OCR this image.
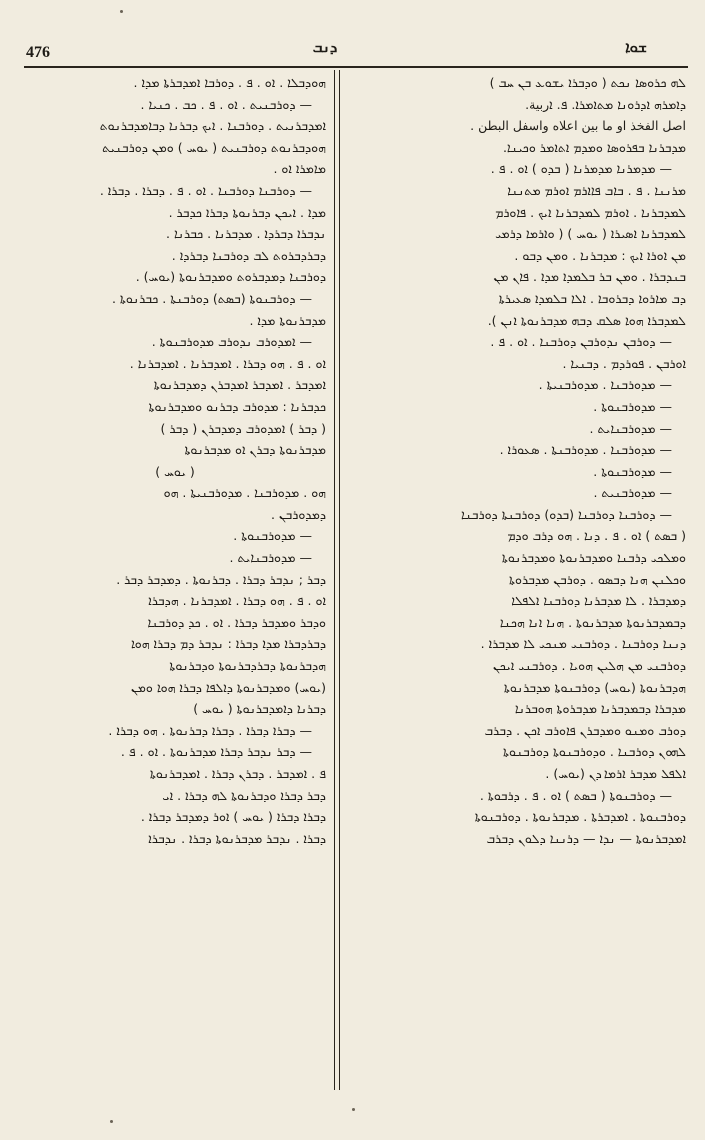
476	ܕܢܒ	ܫܘܐ
ܠܗ ܟܪܘܣܐ ܢܟܬ ( ܘܕܒܪܐ ܝܫܘܥ ܒܢ ܚܒ )
ܕܐܡܪܗ ܐܕܪܘܢܐ ܡܬܐܡܪܐ. ܦ. ܐربية.
اصل الفخذ او ما بين اعلاه واسفل البطن .
ܡܕܒܪܢܐ ܒܦܪܘܣܐ ܘܡܕܡ ܐܬܐܡܪ ܘܟܝܢܐ.
— ܡܕܡܪܢܐ ܡܕܡܪܢܐ ( ܒܕܘ ) ܐܘ . ܦ .
ܡܪܢܢܐ . ܦ . ܒܐܒ ܦܐܐܪܡ ܐܘܪܡ ܡܬܢܢܐ
ܠܡܕܒܪܢܐ . ܐܘܪܡ ܠܡܕܒܪܢܐ ܐܝܟ . ܦܐܘܪܡ
ܠܡܕܒܪܢܐ ܐܣܝܪܐ ( ܝܘܚ ) ( ܘܐܪܡܐ ܕܪܡܝ
ܡܢ ܐܘܪܐ ܐܝܟ : ܡܕܒܪܢܐ . ܘܡܢ ܕܒܘ .
ܒܢܕܒܪܐ . ܘܡܢ ܒܪ ܒܠܡܕܐ ܡܕܐ . ܦܐܢ ܡܢ
ܕܒ ܡܐܪܘܐ ܕܒܪܘܒܐ . ܐܠܐ ܒܠܡܕܐ ܣܥܝܪܬܐ
ܠܡܕܒܪܐ ܗܘܐ ܣܠܩ ܕܒܗ ܡܕܒܪܢܘܬܐ ܐܢܢ ).
— ܕܘܪܒܢ ܢܕܘܪܒܢ ܕܘܪܒܢܐ . ܐܘ . ܦ .
ܐܘܪܒܢ . ܦܘܪܕܡ . ܕܒܢܝܐ .
— ܡܕܘܪܒܢܐ . ܡܕܘܪܒܢܝܬܐ .
— ܡܕܘܪܒܢܘܬܐ .
— ܡܕܘܪܒܢܐܝܬ .
— ܡܕܘܪܒܢܐ . ܡܕܘܪܒܢܬܐ . ܣܥܘܪܐ .
— ܡܕܘܪܒܢܘܬܐ .
— ܡܕܘܪܒܢܝܬ .
— ܕܘܪܒܢܐ ܕܘܪܒܢܐ (ܒܕܘ) ܕܘܪܒܢܬܐ ܕܘܪܒܢܐ
( ܒܣܬ ) ܐܘ . ܦ . ܕܢܐ . ܗܘ ܕܪܒ ܘܕܡ
ܘܡܠܟܝ ܕܪܒܢܐ ܘܡܕܒܪܢܘܬܐ ܘܡܕܒܪܢܘܬܐ
ܘܟܠܢܢ ܗܢܐ ܕܒܣܘ . ܕܘܪܒܢ ܡܕܒܪܘܬܐ
ܕܡܕܒܪܐ . ܠܐ ܡܕܒܪܢܐ ܕܘܪܒܢܐ ܐܠܦܠܐ
ܕܒܡܕܒܪܢܘܬܐ ܡܕܒܪܢܘܬܐ . ܗܢܐ ܐܢܐ ܗܟܢܐ
ܕܢܢܐ ܕܘܪܒܢܐ . ܕܘܪܒܢܝ ܡܢܟܝ ܠܐ ܡܕܒܪܐ .
ܕܘܪܒܢܝ ܡܢ ܗܠܝܢ ܗܘܝܐ . ܕܘܪܒܢܝ ܐܝܟܢ
ܗܕܒܪܢܘܬܐ (ܝܘܚ) ܕܘܪܒܢܘܬܐ ܡܕܒܪܢܘܬܐ
ܡܕܒܪܐ ܕܒܡܕܒܪܢܐ ܡܕܒܪܘܬܐ ܗܘܒܪܢܐ
ܕܘܪܒ ܘܡܢܘ ܘܡܕܒܪܢ ܦܐܘܪܒ ܐܟܢ . ܕܒܪܒ
ܠܗܘܢ ܕܘܪܒܢܐ . ܘܕܘܪܒܢܘܬܐ ܕܘܪܒܢܘܬܐ
ܐܠܦܠ ܡܕܒܪ ܐܪܡܐ ܕܢ (ܝܘܚ) .
— ܕܘܪܒܢܘܬܐ ( ܒܣܬ ) ܐܘ . ܦ . ܕܪܒܘܬܐ .
ܕܘܪܒܢܘܬܐ . ܐܡܕܒܪܬܐ . ܡܕܒܪܢܘܬܐ . ܕܘܪܒܢܘܬܐ
ܐܡܕܒܪܢܘܬܐ — ܢܕܐ — ܕܪܢܢܐ ܕܠܘܢ ܕܒܪܒ
ܗܘܕܒܠܐ . ܐܘ . ܦ . ܕܘܪܒܐ ܐܡܕܒܪܬܐ ܡܕܐ .
— ܕܘܪܒܢܝܬ . ܐܘ . ܦ . ܟܒ . ܟܢܝܐ .
ܐܡܕܒܪܢܝܬ . ܕܘܪܒܢܐ . ܐܝܟ ܕܒܪܢܐ ܕܒܐܡܕܒܪܢܘܬ
ܗܘܕܒܪܢܘܬ ܕܘܪܒܢܝܬ ( ܝܘܚ ) ܘܡܢ ܕܘܪܒܢܝܬ
ܡܐܡܪܐ ܐܘ .
— ܕܘܪܒܢܐ ܕܘܪܒܢܐ . ܐܘ . ܦ . ܕܒܪܐ . ܕܒܪܐ .
ܡܕܐ . ܐܝܟܢ ܕܒܪܢܘܬܐ ܕܒܪܐ ܟܕܒܪ .
ܢܕܒܪܐ ܕܒܪܕܐ . ܡܕܒܪܢܐ . ܟܒܪܢܐ .
ܕܒܪܕܒܪܘܬ ܠܒ ܕܘܪܒܢܐ ܕܒܪܕܐ .
ܕܘܪܒܢܐ ܕܡܕܒܪܘܬ ܘܡܕܒܪܢܘܬܐ (ܝܘܚ) .
— ܕܘܪܒܢܘܬܐ (ܒܣܬ) ܕܘܪܒܢܬܐ . ܟܒܪܢܘܬܐ .
ܡܕܒܪܢܘܬܐ ܡܕܐ .
— ܐܡܕܘܪܒ ܢܕܘܪܒ ܡܕܘܪܒܢܘܬܐ .
ܐܘ . ܦ . ܗܘ ܕܒܪܐ . ܐܡܕܒܪܢܐ . ܐܡܕܒܪܢܐ .
ܐܡܕܒܪ . ܐܡܕܒܪ ܐܡܕܒܪܢ ܕܡܕܒܪܢܘܬܐ
ܟܕܒܪܢܐ : ܡܕܘܪܒ ܕܒܪܢܘ ܘܡܕܒܪܢܘܬܐ
( ܕܒܪ ) ܐܡܕܘܪܒ ܕܡܕܒܪܢ ( ܕܒܪ )
ܡܕܒܪܢܘܬܐ ܕܒܪܢ ܐܘ ܡܕܒܪܢܘܬܐ
( ܝܘܚ )
ܗܘ . ܡܕܘܪܒܢܐ . ܡܕܘܪܒܢܝܬܐ . ܗܘ
ܕܡܕܘܪܒܢ .
— ܡܕܘܪܒܢܘܬܐ .
— ܡܕܘܪܒܢܐܝܬ .
ܕܒܪ ; ܢܕܒܪ ܕܒܪܐ . ܕܒܪܢܘܬܐ . ܕܡܕܒܪ ܕܒܪ .
ܐܘ . ܦ . ܗܘ ܕܒܪܐ . ܐܡܕܒܪܢܐ . ܗܕܒܪܐ
ܘܕܒܪ ܘܡܕܒܪ ܕܒܪܐ . ܐܘ . ܟܕ ܕܘܪܒܢܐ
ܕܒܪܕܒܪܐ ܡܕܐ ܕܒܪܐ : ܢܕܒܪ ܕܡ ܕܒܪܐ ܗܘܐ
ܗܕܒܪܢܘܬܐ ܕܒܪܕܒܪܢܘܬܐ ܘܕܒܪܢܘܬܐ
(ܝܘܚ) ܘܡܕܒܪܢܘܬܐ ܕܐܠܦܐ ܕܒܪܐ ܗܘܐ ܘܡܢ
ܕܒܪܢܐ ܕܐܡܕܒܪܢܘܬܐ ( ܝܘܚ )
— ܕܒܪܐ ܕܒܪܐ . ܕܒܪܐ ܕܒܪܢܘܬܐ . ܗܘ ܕܒܪܐ .
— ܕܒܪ ܢܕܒܪ ܕܒܪܐ ܡܕܒܪܢܘܬܐ . ܐܘ . ܦ .
ܦ . ܐܡܕܒܪ . ܕܒܪܢ ܕܒܪܐ . ܐܡܕܒܪܢܘܬܐ
ܕܒܪ ܕܒܪܐ ܘܕܒܪܢܘܬܐ ܠܗ ܕܒܪܐ . ܐܝ
ܕܒܪܐ ܕܒܪܐ ( ܝܘܚ ) ܐܘܪ ܕܡܕܒܪ ܕܒܪܐ .
ܕܒܪܐ . ܢܕܒܪ ܡܕܒܪܢܘܬܐ ܕܒܪܐ . ܢܕܒܪܐ
